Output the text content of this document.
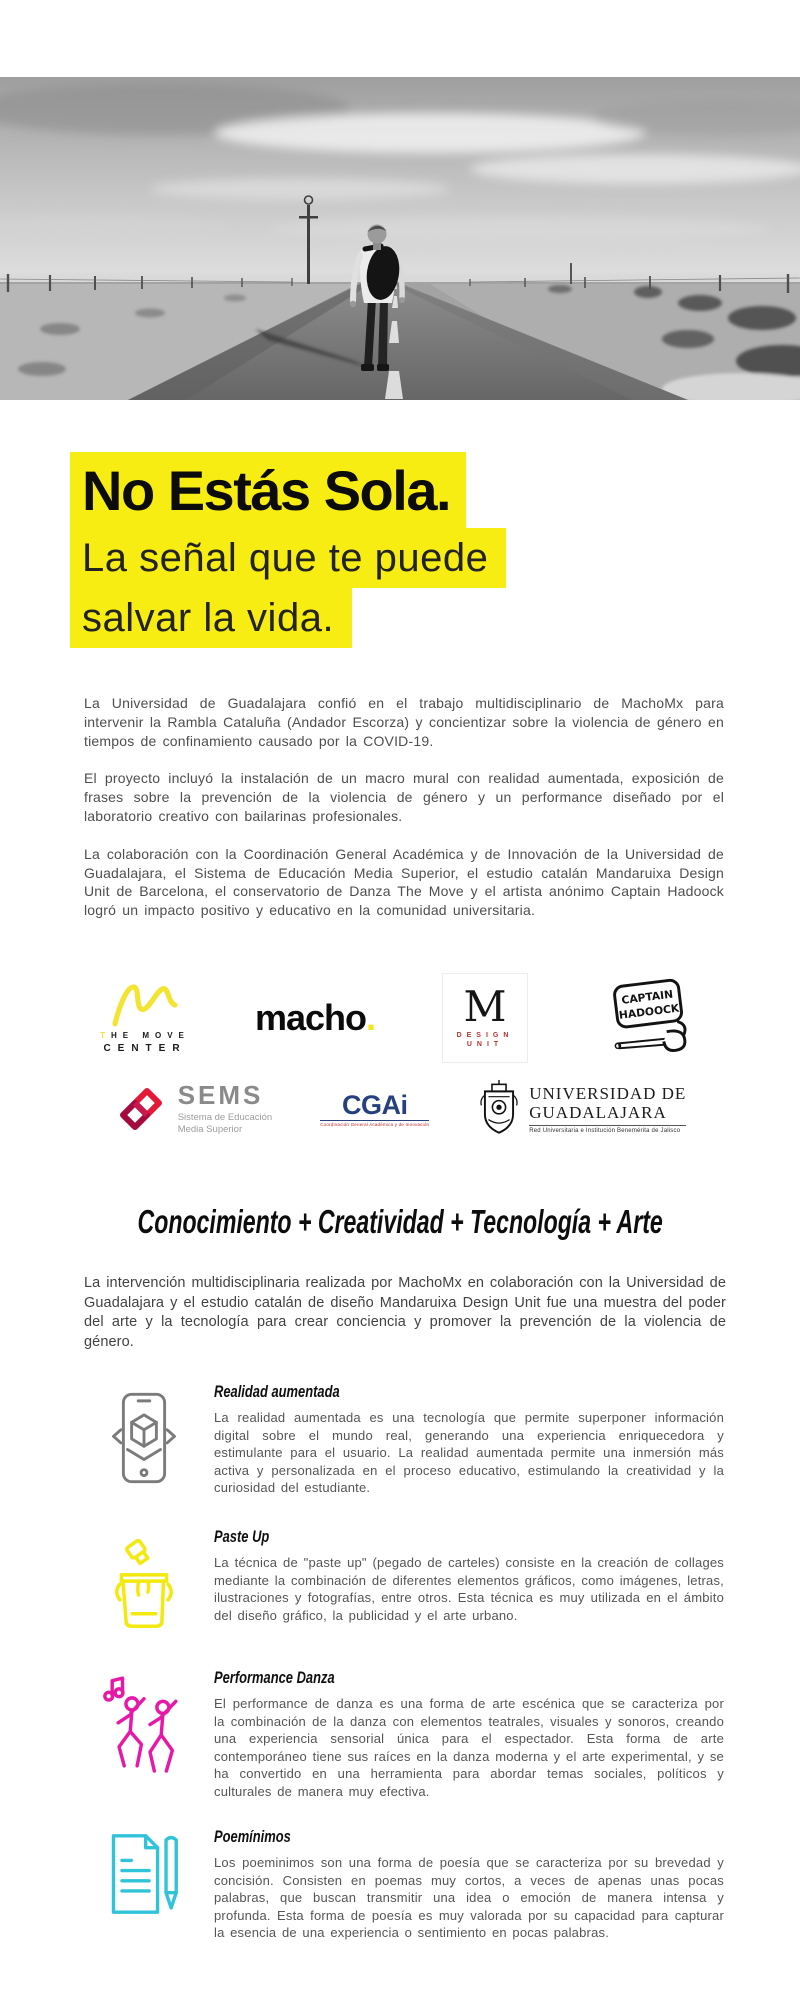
No Estás Sola.
La señal que te puede
salvar la vida.

La Universidad de Guadalajara confió en el trabajo multidisciplinario de MachoMx para intervenir la Rambla Cataluña (Andador Escorza) y concientizar sobre la violencia de género en tiempos de confinamiento causado por la COVID-19.

El proyecto incluyó la instalación de un macro mural con realidad aumentada, exposición de frases sobre la prevención de la violencia de género y un performance diseñado por el laboratorio creativo con bailarinas profesionales.

La colaboración con la Coordinación General Académica y de Innovación de la Universidad de Guadalajara, el Sistema de Educación Media Superior, el estudio catalán Mandaruixa Design Unit de Barcelona, el conservatorio de Danza The Move y el artista anónimo Captain Hadoock logró un impacto positivo y educativo en la comunidad universitaria.

THE MOVE
CENTER
macho. M
DESIGN
UNIT
CAPTAIN
HADOOCK
SEMS
Sistema de Educación
Media Superior
CGAi
Coordinación General Académica y de Innovación
UNIVERSIDAD DE
GUADALAJARA
Red Universitaria e Institución Benemérita de Jalisco
Conocimiento + Creatividad + Tecnología + Arte
La intervención multidisciplinaria realizada por MachoMx en colaboración con la Universidad de Guadalajara y el estudio catalán de diseño Mandaruixa Design Unit fue una muestra del poder del arte y la tecnología para crear conciencia y promover la prevención de la violencia de género.
Realidad aumentada
La realidad aumentada es una tecnología que permite superponer información digital sobre el mundo real, generando una experiencia enriquecedora y estimulante para el usuario. La realidad aumentada permite una inmersión más activa y personalizada en el proceso educativo, estimulando la creatividad y la curiosidad del estudiante.
Paste Up
La técnica de "paste up" (pegado de carteles) consiste en la creación de collages mediante la combinación de diferentes elementos gráficos, como imágenes, letras, ilustraciones y fotografías, entre otros. Esta técnica es muy utilizada en el ámbito del diseño gráfico, la publicidad y el arte urbano.
Performance Danza
El performance de danza es una forma de arte escénica que se caracteriza por la combinación de la danza con elementos teatrales, visuales y sonoros, creando una experiencia sensorial única para el espectador. Esta forma de arte contemporáneo tiene sus raíces en la danza moderna y el arte experimental, y se ha convertido en una herramienta para abordar temas sociales, políticos y culturales de manera muy efectiva.
Poemínimos
Los poeminimos son una forma de poesía que se caracteriza por su brevedad y concisión. Consisten en poemas muy cortos, a veces de apenas unas pocas palabras, que buscan transmitir una idea o emoción de manera intensa y profunda. Esta forma de poesía es muy valorada por su capacidad para capturar la esencia de una experiencia o sentimiento en pocas palabras.
